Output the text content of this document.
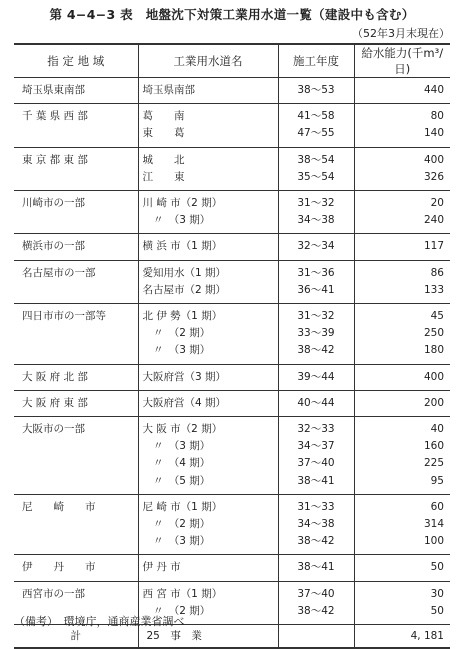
第 4−4−3 表　地盤沈下対策工業用水道一覧（建設中も含む）
（52年3月末現在）
指 定 地 域	工業用水道名	施工年度	給水能力(千m³/日)
埼玉県東南部	埼玉県南部	38〜53	440
千 葉 県 西 部	葛　　南	41〜58	80
	東　　葛	47〜55	140
東 京 都 東 部	城　　北	38〜54	400
	江　　東	35〜54	326
川崎市の一部	川 崎 市（2 期）	31〜32	20
	　〃　（3 期）	34〜38	240
横浜市の一部	横 浜 市（1 期）	32〜34	117
名古屋市の一部	愛知用水（1 期）	31〜36	86
	名古屋市（2 期）	36〜41	133
四日市市の一部等	北 伊 勢（1 期）	31〜32	45
	　〃　（2 期）	33〜39	250
	　〃　（3 期）	38〜42	180
大 阪 府 北 部	大阪府営（3 期）	39〜44	400
大 阪 府 東 部	大阪府営（4 期）	40〜44	200
大阪市の一部	大 阪 市（2 期）	32〜33	40
	　〃　（3 期）	34〜37	160
	　〃　（4 期）	37〜40	225
	　〃　（5 期）	38〜41	95
尼　　崎　　市	尼 崎 市（1 期）	31〜33	60
	　〃　（2 期）	34〜38	314
	　〃　（3 期）	38〜42	100
伊　　丹　　市	伊 丹 市	38〜41	50
西宮市の一部	西 宮 市（1 期）	37〜40	30
	　〃　（2 期）	38〜42	50
計	25　事　業		4, 181
（備考）　環境庁，通商産業省調べ
